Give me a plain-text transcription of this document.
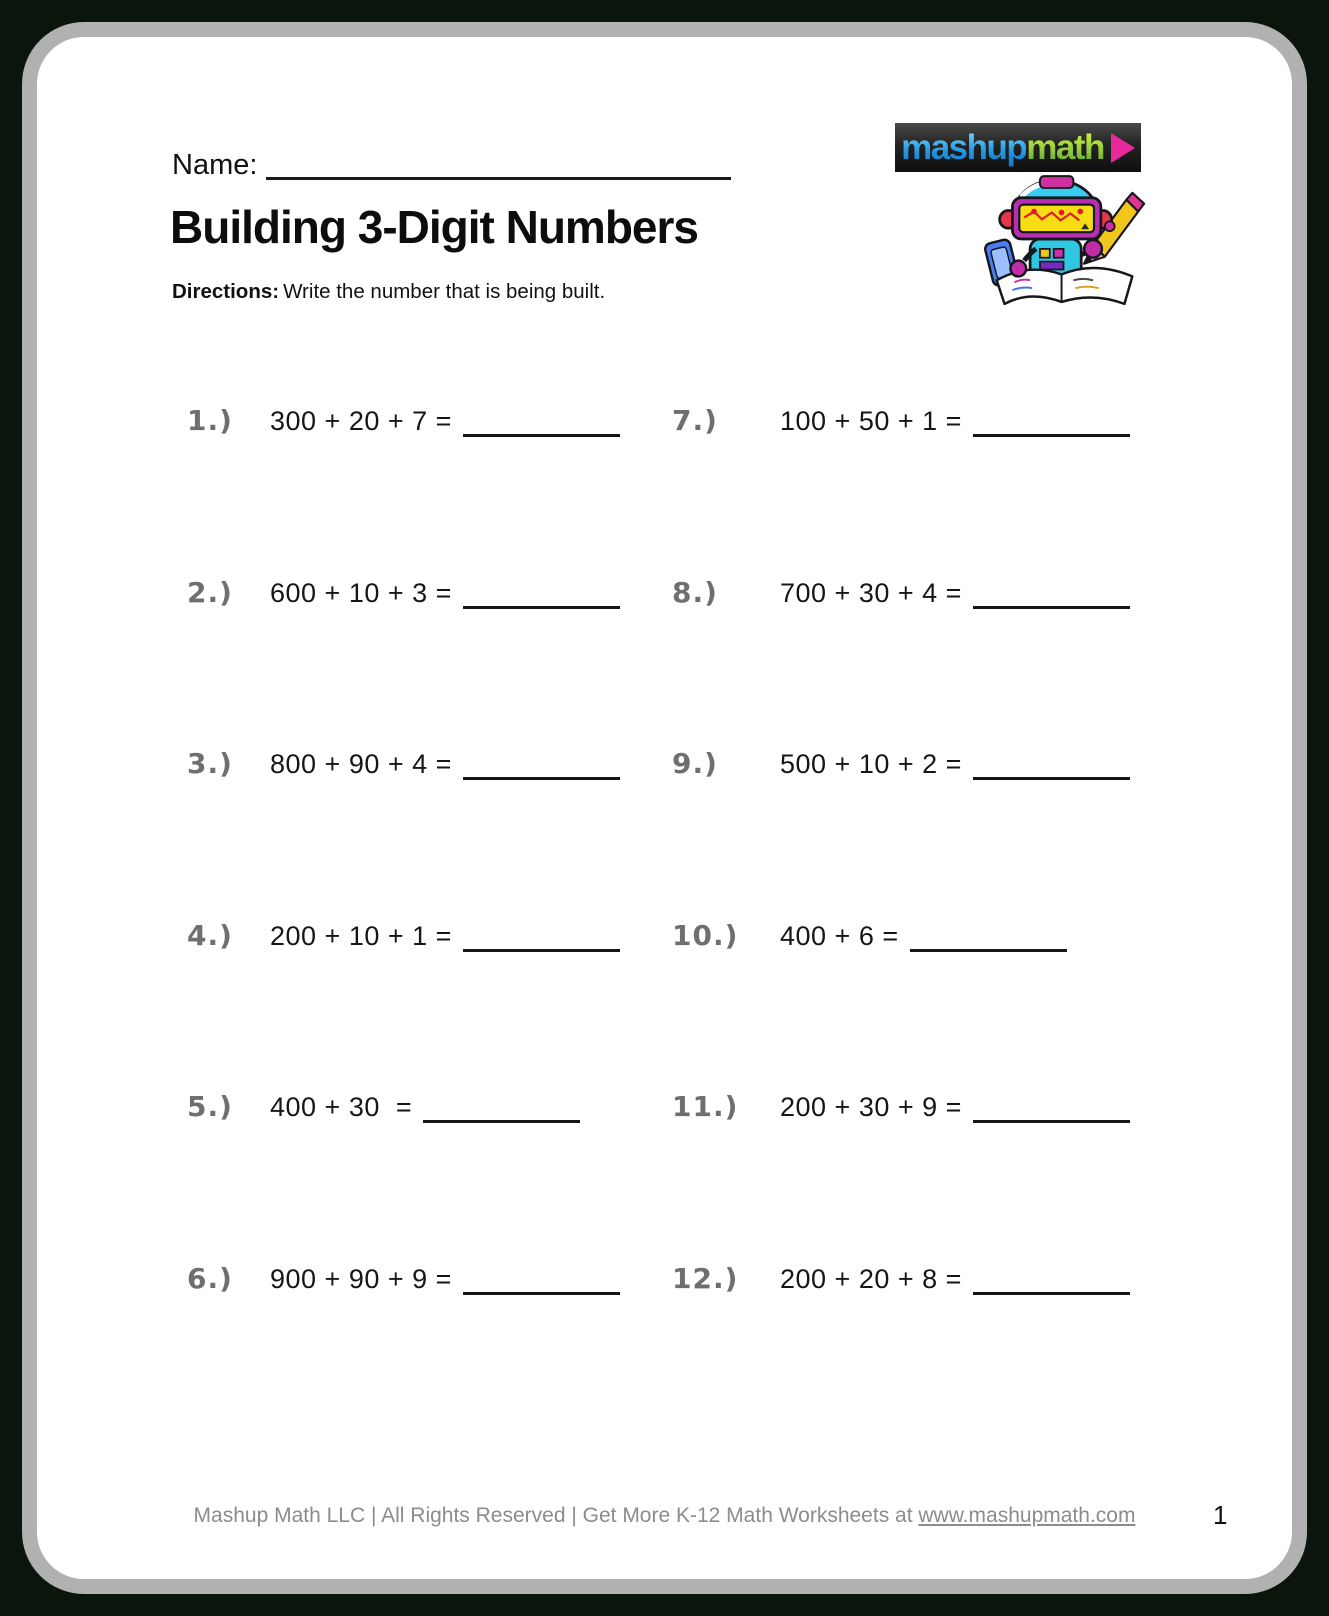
Name:
Building 3-Digit Numbers

Directions: Write the number that is being built.

mashup math
1.)	300 + 20 + 7 =
2.)	600 + 10 + 3 =
3.)	800 + 90 + 4 =
4.)	200 + 10 + 1 =
5.)	400 + 30  =
6.)	900 + 90 + 9 =
7.)	100 + 50 + 1 =
8.)	700 + 30 + 4 =
9.)	500 + 10 + 2 =
10.)	400 + 6 =
11.)	200 + 30 + 9 =
12.)	200 + 20 + 8 =
Mashup Math LLC | All Rights Reserved | Get More K-12 Math Worksheets at www.mashupmath.com	1
